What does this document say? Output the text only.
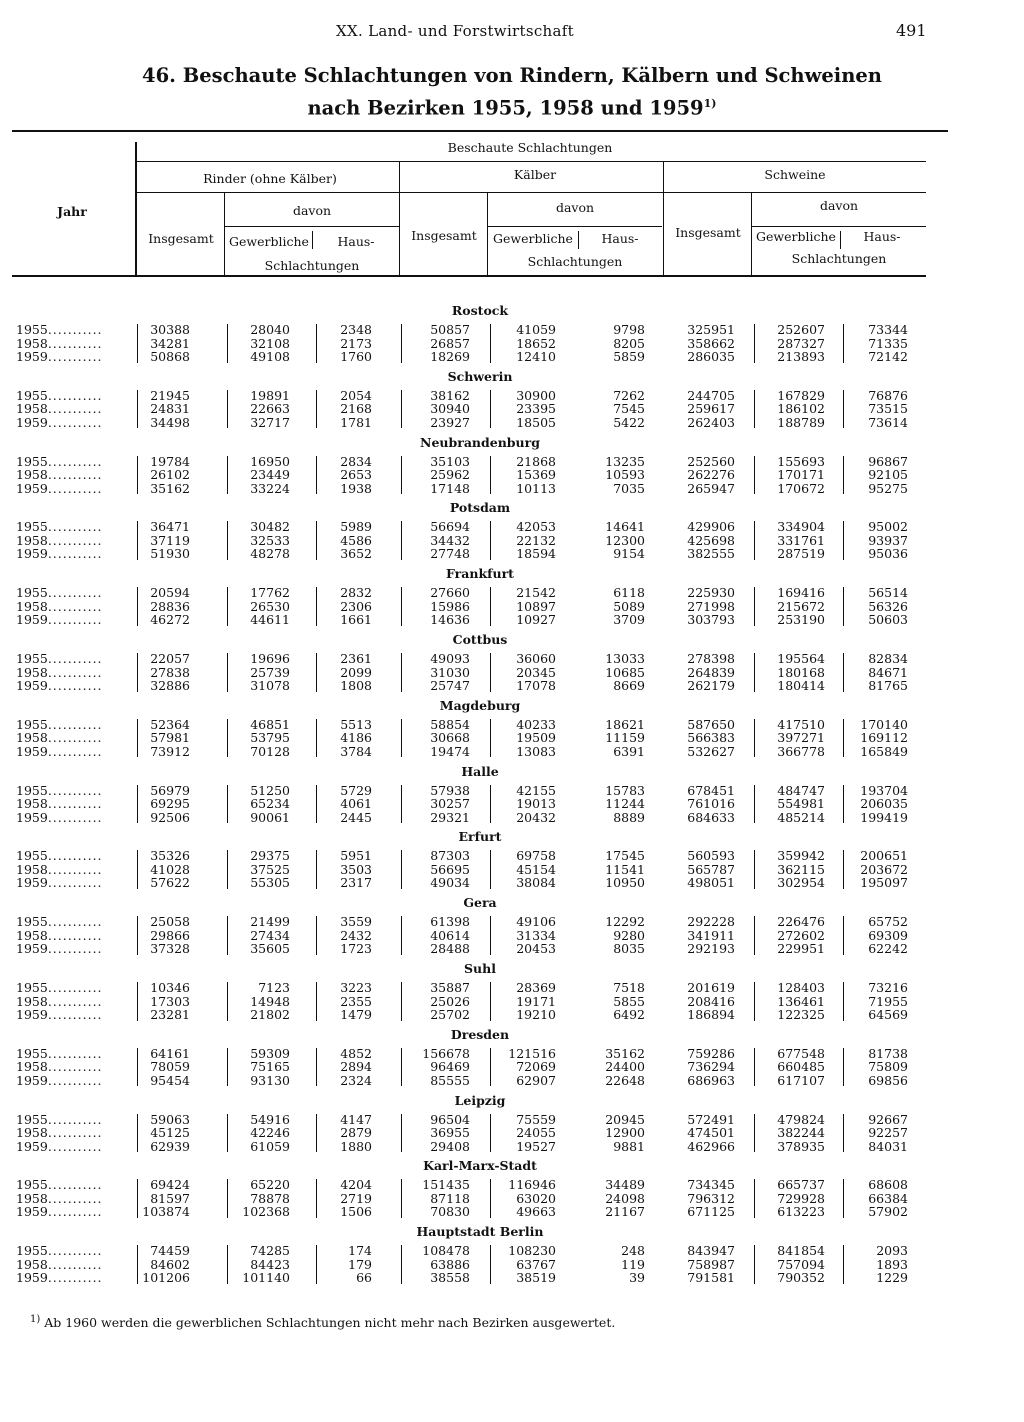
XX. Land- und Forstwirtschaft	491
46. Beschaute Schlachtungen von Rindern, Kälbern und Schweinen
nach Bezirken 1955, 1958 und 1959$^{1)}$
Jahr
Beschaute Schlachtungen
Rinder (ohne Kälber)	Kälber	Schweine
Insgesamt
davon
Gewerbliche	Haus-
Schlachtungen
Insgesamt
davon
Gewerbliche	Haus-
Schlachtungen
Insgesamt
davon
Gewerbliche	Haus-
Schlachtungen
Rostock
1955...........	30388	28040	2348	50857	41059	9798	325951	252607	73344
1958...........	34281	32108	2173	26857	18652	8205	358662	287327	71335
1959...........	50868	49108	1760	18269	12410	5859	286035	213893	72142
Schwerin
1955...........	21945	19891	2054	38162	30900	7262	244705	167829	76876
1958...........	24831	22663	2168	30940	23395	7545	259617	186102	73515
1959...........	34498	32717	1781	23927	18505	5422	262403	188789	73614
Neubrandenburg
1955...........	19784	16950	2834	35103	21868	13235	252560	155693	96867
1958...........	26102	23449	2653	25962	15369	10593	262276	170171	92105
1959...........	35162	33224	1938	17148	10113	7035	265947	170672	95275
Potsdam
1955...........	36471	30482	5989	56694	42053	14641	429906	334904	95002
1958...........	37119	32533	4586	34432	22132	12300	425698	331761	93937
1959...........	51930	48278	3652	27748	18594	9154	382555	287519	95036
Frankfurt
1955...........	20594	17762	2832	27660	21542	6118	225930	169416	56514
1958...........	28836	26530	2306	15986	10897	5089	271998	215672	56326
1959...........	46272	44611	1661	14636	10927	3709	303793	253190	50603
Cottbus
1955...........	22057	19696	2361	49093	36060	13033	278398	195564	82834
1958...........	27838	25739	2099	31030	20345	10685	264839	180168	84671
1959...........	32886	31078	1808	25747	17078	8669	262179	180414	81765
Magdeburg
1955...........	52364	46851	5513	58854	40233	18621	587650	417510	170140
1958...........	57981	53795	4186	30668	19509	11159	566383	397271	169112
1959...........	73912	70128	3784	19474	13083	6391	532627	366778	165849
Halle
1955...........	56979	51250	5729	57938	42155	15783	678451	484747	193704
1958...........	69295	65234	4061	30257	19013	11244	761016	554981	206035
1959...........	92506	90061	2445	29321	20432	8889	684633	485214	199419
Erfurt
1955...........	35326	29375	5951	87303	69758	17545	560593	359942	200651
1958...........	41028	37525	3503	56695	45154	11541	565787	362115	203672
1959...........	57622	55305	2317	49034	38084	10950	498051	302954	195097
Gera
1955...........	25058	21499	3559	61398	49106	12292	292228	226476	65752
1958...........	29866	27434	2432	40614	31334	9280	341911	272602	69309
1959...........	37328	35605	1723	28488	20453	8035	292193	229951	62242
Suhl
1955...........	10346	7123	3223	35887	28369	7518	201619	128403	73216
1958...........	17303	14948	2355	25026	19171	5855	208416	136461	71955
1959...........	23281	21802	1479	25702	19210	6492	186894	122325	64569
Dresden
1955...........	64161	59309	4852	156678	121516	35162	759286	677548	81738
1958...........	78059	75165	2894	96469	72069	24400	736294	660485	75809
1959...........	95454	93130	2324	85555	62907	22648	686963	617107	69856
Leipzig
1955...........	59063	54916	4147	96504	75559	20945	572491	479824	92667
1958...........	45125	42246	2879	36955	24055	12900	474501	382244	92257
1959...........	62939	61059	1880	29408	19527	9881	462966	378935	84031
Karl-Marx-Stadt
1955...........	69424	65220	4204	151435	116946	34489	734345	665737	68608
1958...........	81597	78878	2719	87118	63020	24098	796312	729928	66384
1959...........	103874	102368	1506	70830	49663	21167	671125	613223	57902
Hauptstadt Berlin
1955...........	74459	74285	174	108478	108230	248	843947	841854	2093
1958...........	84602	84423	179	63886	63767	119	758987	757094	1893
1959...........	101206	101140	66	38558	38519	39	791581	790352	1229
$^{1)}$ Ab 1960 werden die gewerblichen Schlachtungen nicht mehr nach Bezirken ausgewertet.
